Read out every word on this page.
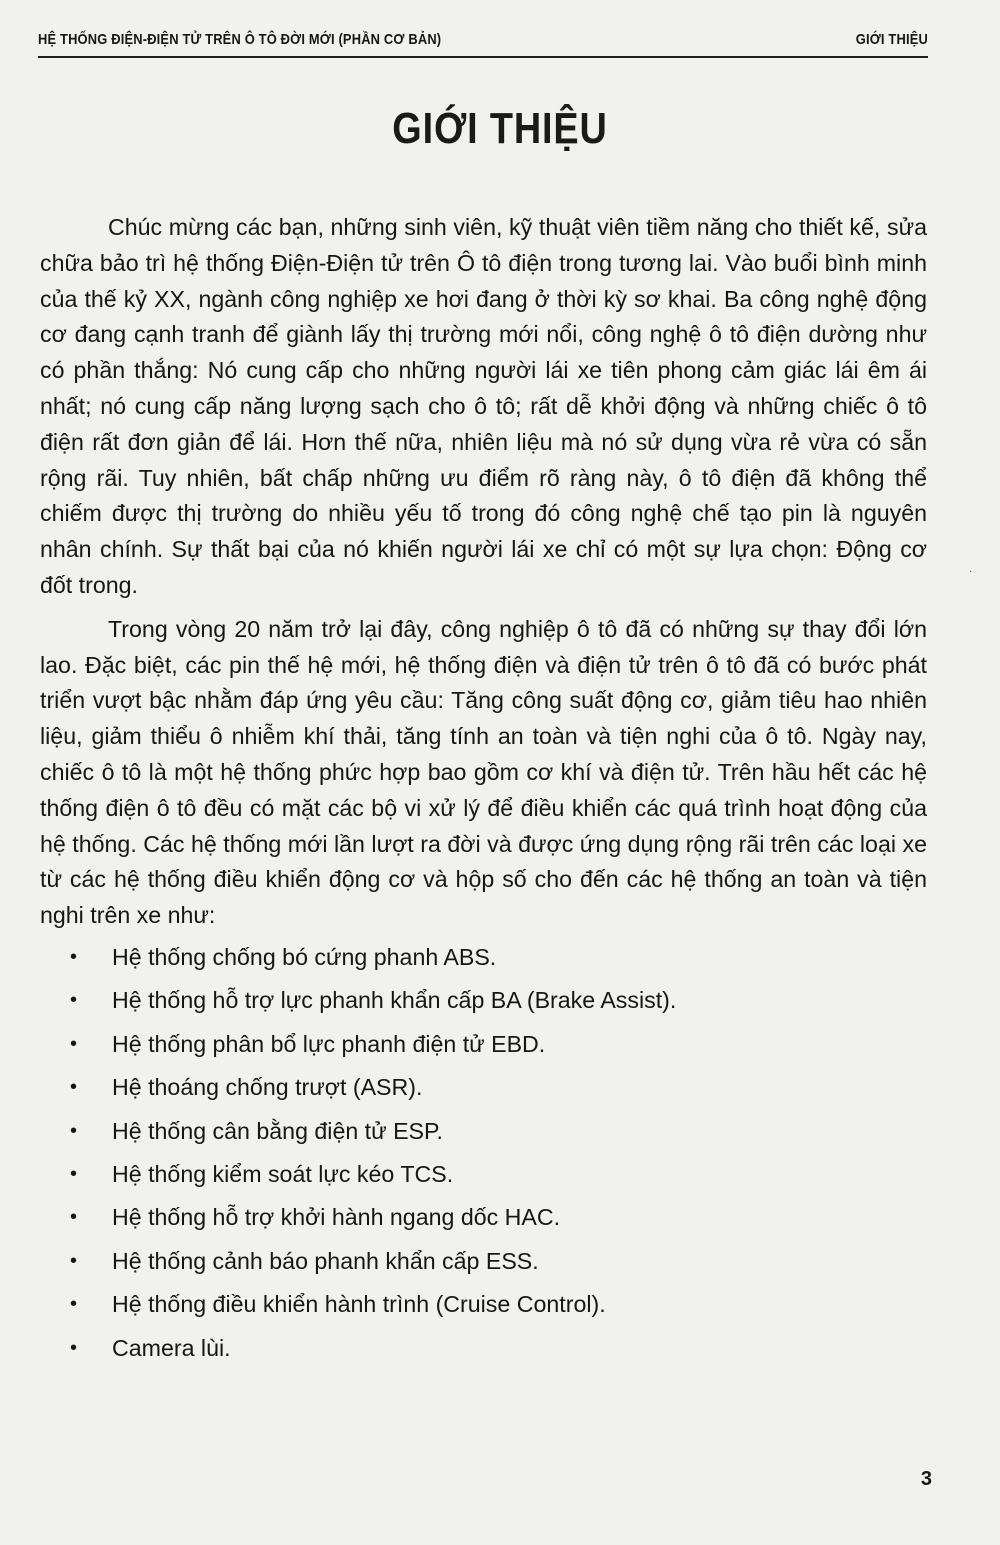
HỆ THỐNG ĐIỆN-ĐIỆN TỬ TRÊN Ô TÔ ĐỜI MỚI (PHẦN CƠ BẢN)	GIỚI THIỆU
GIỚI THIỆU

Chúc mừng các bạn, những sinh viên, kỹ thuật viên tiềm năng cho thiết kế, sửa chữa bảo trì hệ thống Điện-Điện tử trên Ô tô điện trong tương lai. Vào buổi bình minh của thế kỷ XX, ngành công nghiệp xe hơi đang ở thời kỳ sơ khai. Ba công nghệ động cơ đang cạnh tranh để giành lấy thị trường mới nổi, công nghệ ô tô điện dường như có phần thắng: Nó cung cấp cho những người lái xe tiên phong cảm giác lái êm ái nhất; nó cung cấp năng lượng sạch cho ô tô; rất dễ khởi động và những chiếc ô tô điện rất đơn giản để lái. Hơn thế nữa, nhiên liệu mà nó sử dụng vừa rẻ vừa có sẵn rộng rãi. Tuy nhiên, bất chấp những ưu điểm rõ ràng này, ô tô điện đã không thể chiếm được thị trường do nhiều yếu tố trong đó công nghệ chế tạo pin là nguyên nhân chính. Sự thất bại của nó khiến người lái xe chỉ có một sự lựa chọn: Động cơ đốt trong.

Trong vòng 20 năm trở lại đây, công nghiệp ô tô đã có những sự thay đổi lớn lao. Đặc biệt, các pin thế hệ mới, hệ thống điện và điện tử trên ô tô đã có bước phát triển vượt bậc nhằm đáp ứng yêu cầu: Tăng công suất động cơ, giảm tiêu hao nhiên liệu, giảm thiểu ô nhiễm khí thải, tăng tính an toàn và tiện nghi của ô tô. Ngày nay, chiếc ô tô là một hệ thống phức hợp bao gồm cơ khí và điện tử. Trên hầu hết các hệ thống điện ô tô đều có mặt các bộ vi xử lý để điều khiển các quá trình hoạt động của hệ thống. Các hệ thống mới lần lượt ra đời và được ứng dụng rộng rãi trên các loại xe từ các hệ thống điều khiển động cơ và hộp số cho đến các hệ thống an toàn và tiện nghi trên xe như:

• Hệ thống chống bó cứng phanh ABS.
• Hệ thống hỗ trợ lực phanh khẩn cấp BA (Brake Assist).
• Hệ thống phân bổ lực phanh điện tử EBD.
• Hệ thoáng chống trượt (ASR).
• Hệ thống cân bằng điện tử ESP.
• Hệ thống kiểm soát lực kéo TCS.
• Hệ thống hỗ trợ khởi hành ngang dốc HAC.
• Hệ thống cảnh báo phanh khẩn cấp ESS.
• Hệ thống điều khiển hành trình (Cruise Control).
• Camera lùi.
·
3
